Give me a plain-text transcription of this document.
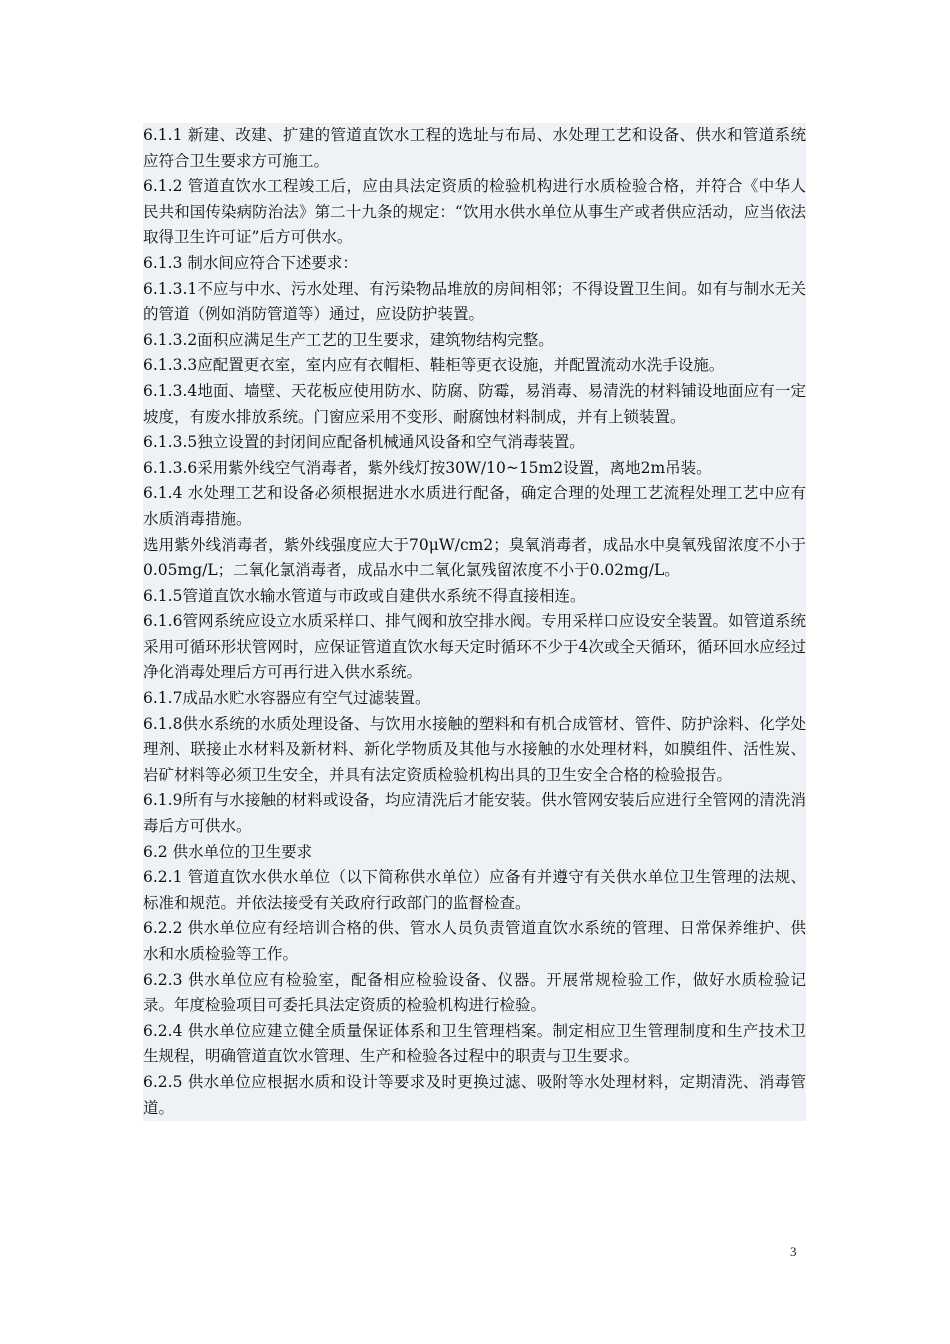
6.1.1 新建、改建、扩建的管道直饮水工程的选址与布局、水处理工艺和设备、供水和管道系统应符合卫生要求方可施工。

6.1.2 管道直饮水工程竣工后，应由具法定资质的检验机构进行水质检验合格，并符合《中华人民共和国传染病防治法》第二十九条的规定：“饮用水供水单位从事生产或者供应活动，应当依法取得卫生许可证”后方可供水。

6.1.3 制水间应符合下述要求：

6.1.3.1不应与中水、污水处理、有污染物品堆放的房间相邻；不得设置卫生间。如有与制水无关的管道（例如消防管道等）通过，应设防护装置。

6.1.3.2面积应满足生产工艺的卫生要求，建筑物结构完整。

6.1.3.3应配置更衣室，室内应有衣帽柜、鞋柜等更衣设施，并配置流动水洗手设施。

6.1.3.4地面、墙壁、天花板应使用防水、防腐、防霉，易消毒、易清洗的材料铺设地面应有一定坡度，有废水排放系统。门窗应采用不变形、耐腐蚀材料制成，并有上锁装置。

6.1.3.5独立设置的封闭间应配备机械通风设备和空气消毒装置。

6.1.3.6采用紫外线空气消毒者，紫外线灯按30W/10~15m2设置，离地2m吊装。

6.1.4 水处理工艺和设备必须根据进水水质进行配备，确定合理的处理工艺流程处理工艺中应有水质消毒措施。

选用紫外线消毒者，紫外线强度应大于70μW/cm2；臭氧消毒者，成品水中臭氧残留浓度不小于0.05mg/L；二氧化氯消毒者，成品水中二氧化氯残留浓度不小于0.02mg/L。

6.1.5管道直饮水输水管道与市政或自建供水系统不得直接相连。

6.1.6管网系统应设立水质采样口、排气阀和放空排水阀。专用采样口应设安全装置。如管道系统采用可循环形状管网时，应保证管道直饮水每天定时循环不少于4次或全天循环，循环回水应经过净化消毒处理后方可再行进入供水系统。

6.1.7成品水贮水容器应有空气过滤装置。

6.1.8供水系统的水质处理设备、与饮用水接触的塑料和有机合成管材、管件、防护涂料、化学处理剂、联接止水材料及新材料、新化学物质及其他与水接触的水处理材料，如膜组件、活性炭、岩矿材料等必须卫生安全，并具有法定资质检验机构出具的卫生安全合格的检验报告。

6.1.9所有与水接触的材料或设备，均应清洗后才能安装。供水管网安装后应进行全管网的清洗消毒后方可供水。

6.2 供水单位的卫生要求

6.2.1 管道直饮水供水单位（以下简称供水单位）应备有并遵守有关供水单位卫生管理的法规、标准和规范。并依法接受有关政府行政部门的监督检查。

6.2.2 供水单位应有经培训合格的供、管水人员负责管道直饮水系统的管理、日常保养维护、供水和水质检验等工作。

6.2.3 供水单位应有检验室，配备相应检验设备、仪器。开展常规检验工作，做好水质检验记录。年度检验项目可委托具法定资质的检验机构进行检验。

6.2.4 供水单位应建立健全质量保证体系和卫生管理档案。制定相应卫生管理制度和生产技术卫生规程，明确管道直饮水管理、生产和检验各过程中的职责与卫生要求。

6.2.5 供水单位应根据水质和设计等要求及时更换过滤、吸附等水处理材料，定期清洗、消毒管道。

3
